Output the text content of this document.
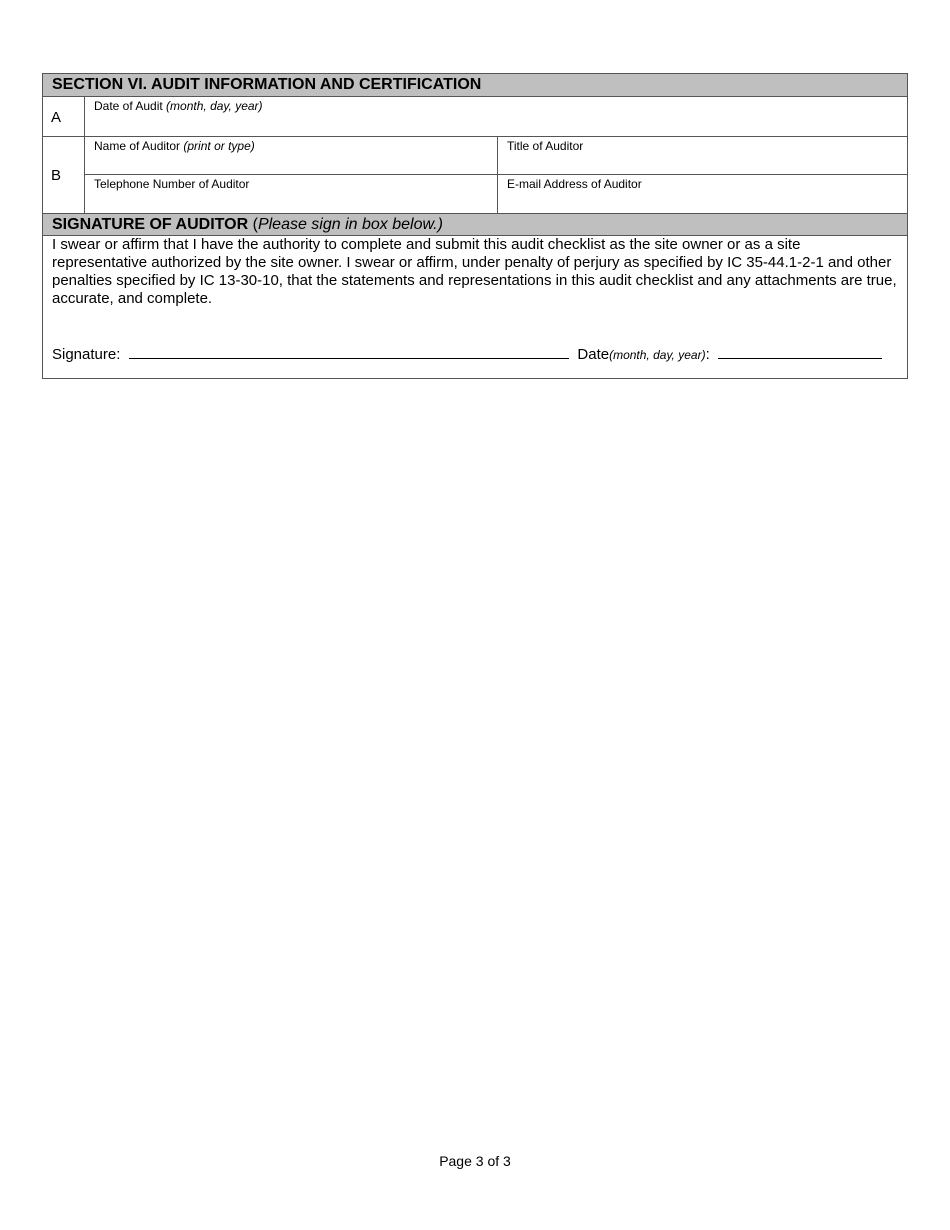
SECTION VI. AUDIT INFORMATION AND CERTIFICATION
A
Date of Audit (month, day, year)
B
Name of Auditor (print or type)	Title of Auditor
Telephone Number of Auditor	E-mail Address of Auditor
SIGNATURE OF AUDITOR (Please sign in box below.)

I swear or affirm that I have the authority to complete and submit this audit checklist as the site owner or as a site representative authorized by the site owner. I swear or affirm, under penalty of perjury as specified by IC 35-44.1-2-1 and other penalties specified by IC 13-30-10, that the statements and representations in this audit checklist and any attachments are true, accurate, and complete.

Signature:	Date (month, day, year) :
Page 3 of 3
